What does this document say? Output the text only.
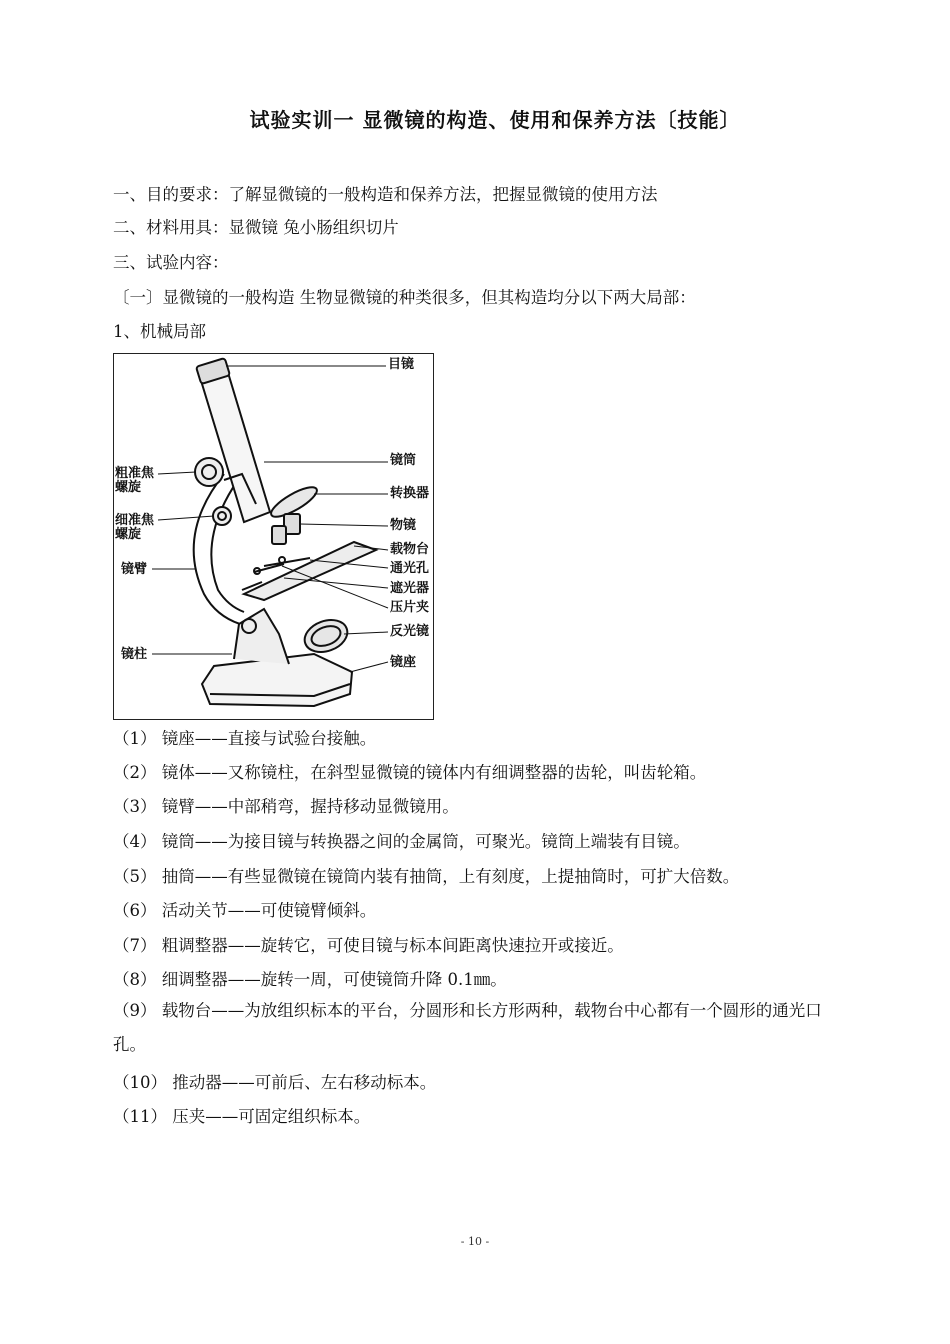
试验实训一 显微镜的构造、使用和保养方法〔技能〕
一、目的要求：了解显微镜的一般构造和保养方法，把握显微镜的使用方法
二、材料用具：显微镜 兔小肠组织切片
三、试验内容：
〔一〕显微镜的一般构造 生物显微镜的种类很多，但其构造均分以下两大局部：
1、机械局部
目镜
镜筒
转换器
物镜
载物台
通光孔
遮光器
压片夹
反光镜
镜座
粗准焦螺旋
细准焦螺旋
镜臂
镜柱
（1） 镜座——直接与试验台接触。
（2） 镜体——又称镜柱，在斜型显微镜的镜体内有细调整器的齿轮，叫齿轮箱。
（3） 镜臂——中部稍弯，握持移动显微镜用。
（4） 镜筒——为接目镜与转换器之间的金属筒，可聚光。镜筒上端装有目镜。
（5） 抽筒——有些显微镜在镜筒内装有抽筒，上有刻度，上提抽筒时，可扩大倍数。
（6） 活动关节——可使镜臂倾斜。
（7） 粗调整器——旋转它，可使目镜与标本间距离快速拉开或接近。
（8） 细调整器——旋转一周，可使镜筒升降 0.1㎜。
（9） 载物台——为放组织标本的平台，分圆形和长方形两种，载物台中心都有一个圆形的通光口孔。
（10） 推动器——可前后、左右移动标本。
（11） 压夹——可固定组织标本。
- 10 -
